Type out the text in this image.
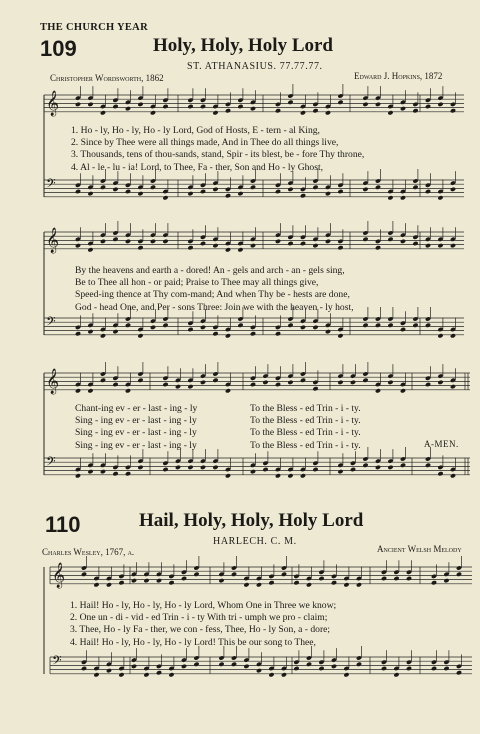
𝄞
𝄢
𝄞
𝄢
𝄞
𝄢
𝄞
𝄢
THE CHURCH YEAR
109	Holy, Holy, Holy Lord
ST. ATHANASIUS. 77.77.77.
Christopher Wordsworth, 1862	Edward J. Hopkins, 1872
1. Ho - ly, Ho - ly, Ho - ly Lord, God of Hosts, E - tern - al King,
2. Since by Thee were all things made, And in Thee do all things live,
3. Thousands, tens of thou-sands, stand, Spir - its blest, be - fore Thy throne,
4. Al - le - lu - ia! Lord, to Thee, Fa - ther, Son and Ho - ly Ghost,
By the heavens and earth a - dored! An - gels and arch - an - gels sing,
Be to Thee all hon - or paid; Praise to Thee may all things give,
Speed-ing thence at Thy com-mand; And when Thy be - hests are done,
God - head One, and Per - sons Three: Join we with the heaven - ly host,
Chant-ing ev - er - last - ing - ly
Sing - ing ev - er - last - ing - ly
Sing - ing ev - er - last - ing - ly
Sing - ing ev - er - last - ing - ly
To the Bless - ed Trin - i - ty.
To the Bless - ed Trin - i - ty.
To the Bless - ed Trin - i - ty.
To the Bless - ed Trin - i - ty.	A-MEN.
110	Hail, Holy, Holy, Holy Lord
HARLECH. C. M.
Charles Wesley, 1767, a.	Ancient Welsh Melody
1. Hail! Ho - ly, Ho - ly, Ho - ly Lord, Whom One in Three we know;
2. One un - di - vid - ed Trin - i - ty With tri - umph we pro - claim;
3. Thee, Ho - ly Fa - ther, we con - fess, Thee, Ho - ly Son, a - dore;
4. Hail! Ho - ly, Ho - ly, Ho - ly Lord! This be our song to Thee,
